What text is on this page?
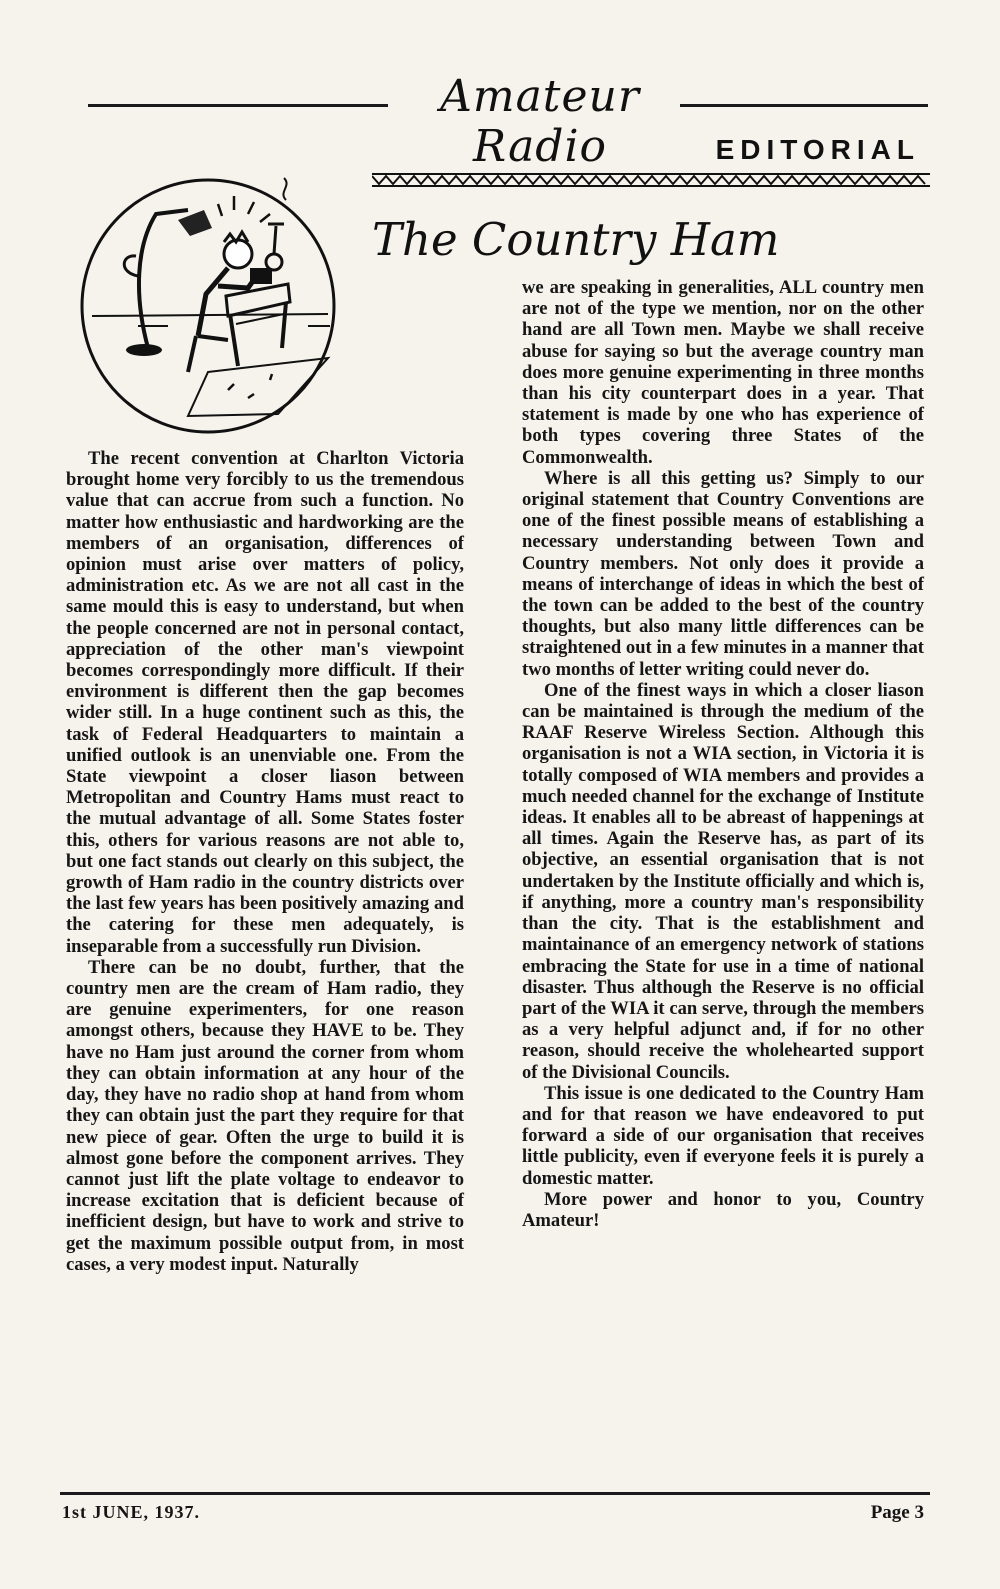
Amateur Radio	EDITORIAL
The Country Ham

The recent convention at Charlton Victoria brought home very forcibly to us the tremendous value that can accrue from such a function. No matter how enthusiastic and hardworking are the members of an organisation, differences of opinion must arise over matters of policy, administration etc. As we are not all cast in the same mould this is easy to understand, but when the people concerned are not in personal contact, appreciation of the other man's viewpoint becomes correspondingly more difficult. If their environment is different then the gap becomes wider still. In a huge continent such as this, the task of Federal Headquarters to maintain a unified outlook is an unenviable one. From the State viewpoint a closer liason between Metropolitan and Country Hams must react to the mutual advantage of all. Some States foster this, others for various reasons are not able to, but one fact stands out clearly on this subject, the growth of Ham radio in the country districts over the last few years has been positively amazing and the catering for these men adequately, is inseparable from a successfully run Division.

There can be no doubt, further, that the country men are the cream of Ham radio, they are genuine experimenters, for one reason amongst others, because they HAVE to be. They have no Ham just around the corner from whom they can obtain information at any hour of the day, they have no radio shop at hand from whom they can obtain just the part they require for that new piece of gear. Often the urge to build it is almost gone before the component arrives. They cannot just lift the plate voltage to endeavor to increase excitation that is deficient because of inefficient design, but have to work and strive to get the maximum possible output from, in most cases, a very modest input. Naturally

we are speaking in generalities, ALL country men are not of the type we mention, nor on the other hand are all Town men. Maybe we shall receive abuse for saying so but the average country man does more genuine experimenting in three months than his city counterpart does in a year. That statement is made by one who has experience of both types covering three States of the Commonwealth.

Where is all this getting us? Simply to our original statement that Country Conventions are one of the finest possible means of establishing a necessary understanding between Town and Country members. Not only does it provide a means of interchange of ideas in which the best of the town can be added to the best of the country thoughts, but also many little differences can be straightened out in a few minutes in a manner that two months of letter writing could never do.

One of the finest ways in which a closer liason can be maintained is through the medium of the RAAF Reserve Wireless Section. Although this organisation is not a WIA section, in Victoria it is totally composed of WIA members and provides a much needed channel for the exchange of Institute ideas. It enables all to be abreast of happenings at all times. Again the Reserve has, as part of its objective, an essential organisation that is not undertaken by the Institute officially and which is, if anything, more a country man's responsibility than the city. That is the establishment and maintainance of an emergency network of stations embracing the State for use in a time of national disaster. Thus although the Reserve is no official part of the WIA it can serve, through the members as a very helpful adjunct and, if for no other reason, should receive the wholehearted support of the Divisional Councils.

This issue is one dedicated to the Country Ham and for that reason we have endeavored to put forward a side of our organisation that receives little publicity, even if everyone feels it is purely a domestic matter.

More power and honor to you, Country Amateur!

1st JUNE, 1937.	Page 3
